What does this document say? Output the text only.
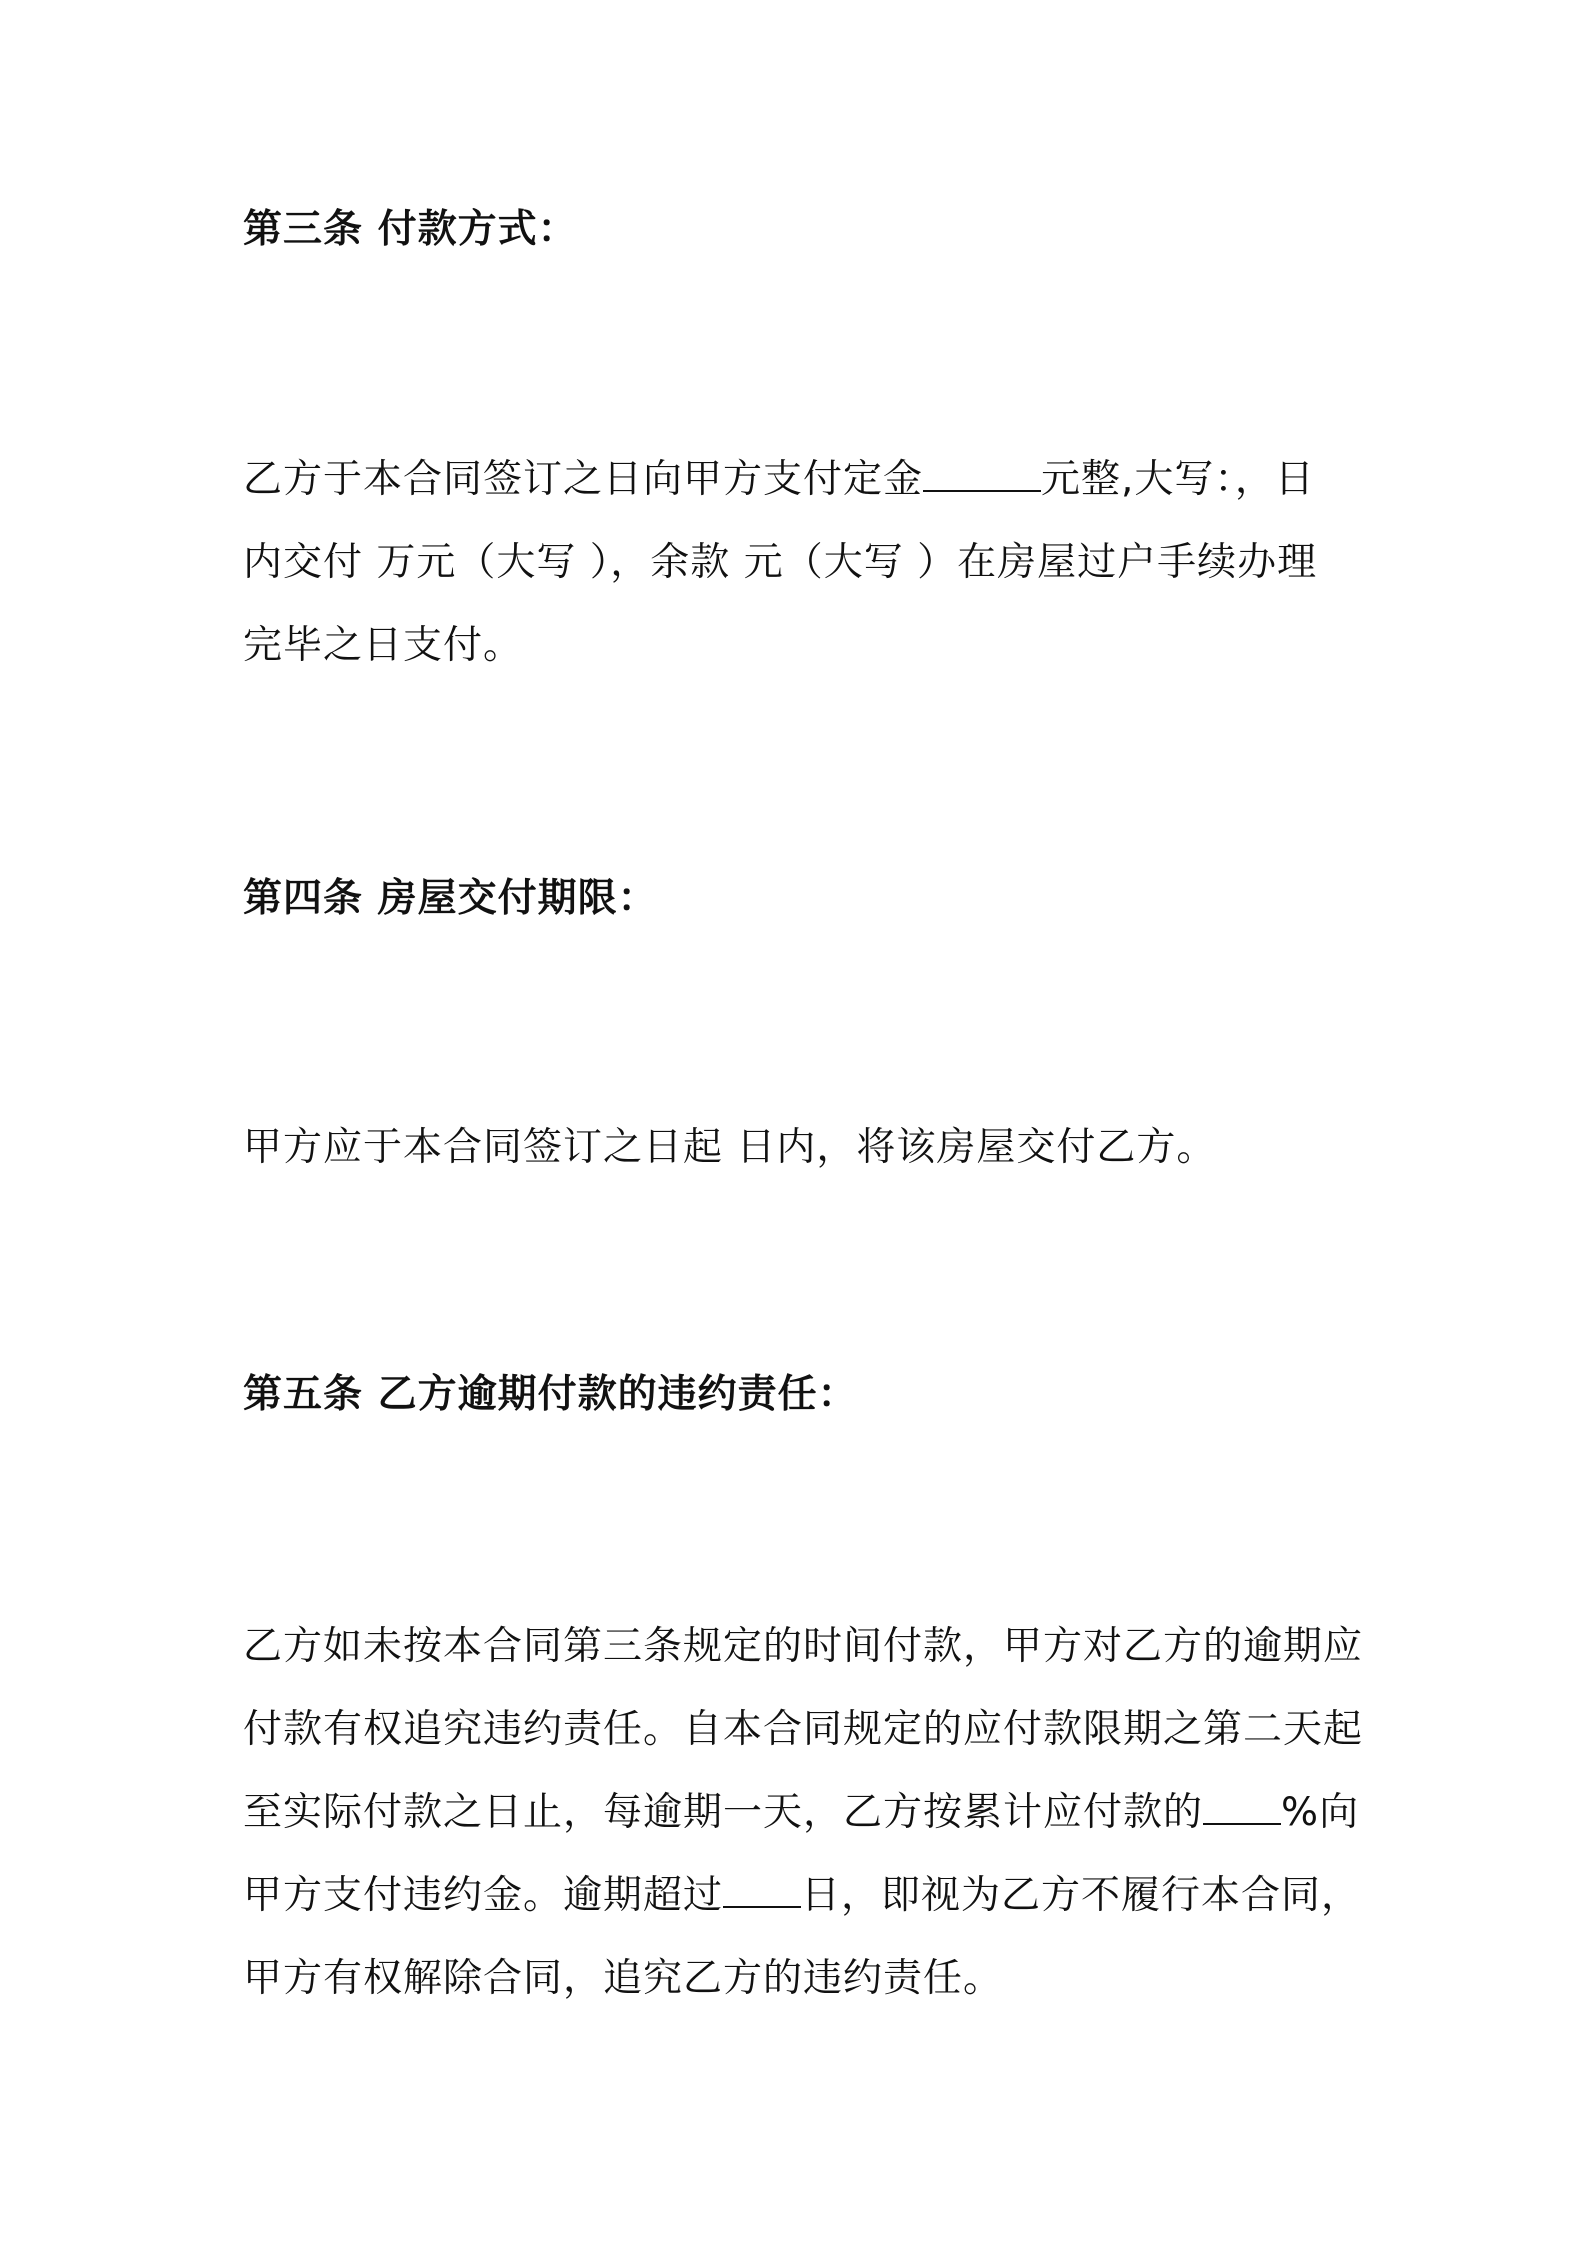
第三条 付款方式：
乙方于本合同签订之日向甲方支付定金	元整,大写：，日
内交付 万元（大写 ），余款 元（大写 ）在房屋过户手续办理
完毕之日支付。
第四条 房屋交付期限：
甲方应于本合同签订之日起 日内，将该房屋交付乙方。
第五条 乙方逾期付款的违约责任：
乙方如未按本合同第三条规定的时间付款，甲方对乙方的逾期应
付款有权追究违约责任。自本合同规定的应付款限期之第二天起
至实际付款之日止，每逾期一天，乙方按累计应付款的 %向
甲方支付违约金。逾期超过 日，即视为乙方不履行本合同，
甲方有权解除合同，追究乙方的违约责任。
